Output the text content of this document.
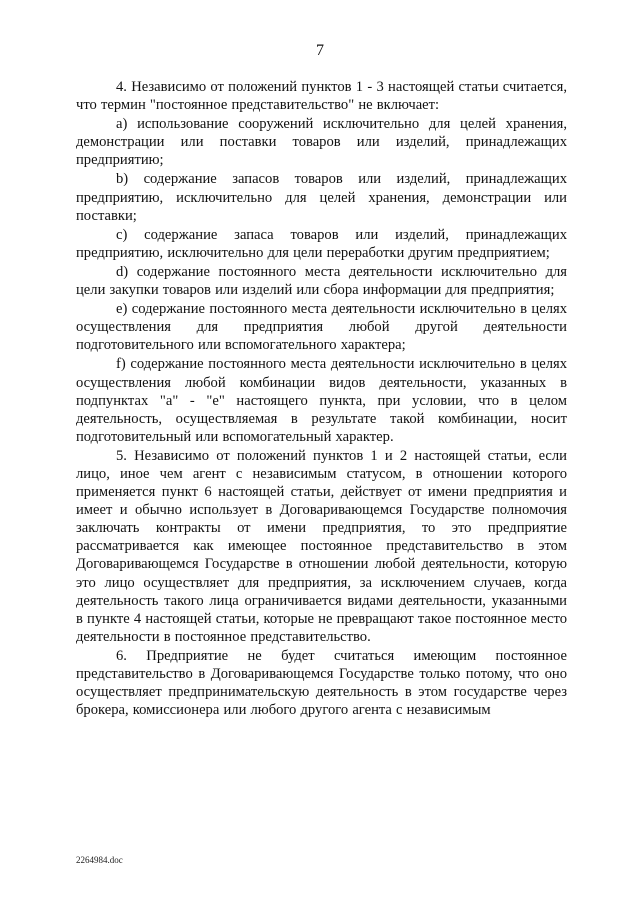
7

4. Независимо от положений пунктов 1 - 3 настоящей статьи считается, что термин "постоянное представительство" не включает:

а) использование сооружений исключительно для целей хранения, демонстрации или поставки товаров или изделий, принадлежащих предприятию;

b) содержание запасов товаров или изделий, принадлежащих предприятию, исключительно для целей хранения, демонстрации или поставки;

с) содержание запаса товаров или изделий, принадлежащих предприятию, исключительно для цели переработки другим предприятием;

d) содержание постоянного места деятельности исключительно для цели закупки товаров или изделий или сбора информации для предприятия;

е) содержание постоянного места деятельности исключительно в целях осуществления для предприятия любой другой деятельности подготовительного или вспомогательного характера;

f) содержание постоянного места деятельности исключительно в целях осуществления любой комбинации видов деятельности, указанных в подпунктах "а" - "е" настоящего пункта, при условии, что в целом деятельность, осуществляемая в результате такой комбинации, носит подготовительный или вспомогательный характер.

5. Независимо от положений пунктов 1 и 2 настоящей статьи, если лицо, иное чем агент с независимым статусом, в отношении которого применяется пункт 6 настоящей статьи, действует от имени предприятия и имеет и обычно использует в Договаривающемся Государстве полномочия заключать контракты от имени предприятия, то это предприятие рассматривается как имеющее постоянное представительство в этом Договаривающемся Государстве в отношении любой деятельности, которую это лицо осуществляет для предприятия, за исключением случаев, когда деятельность такого лица ограничивается видами деятельности, указанными в пункте 4 настоящей статьи, которые не превращают такое постоянное место деятельности в постоянное представительство.

6. Предприятие не будет считаться имеющим постоянное представительство в Договаривающемся Государстве только потому, что оно осуществляет предпринимательскую деятельность в этом государстве через брокера, комиссионера или любого другого агента с независимым

2264984.doc
